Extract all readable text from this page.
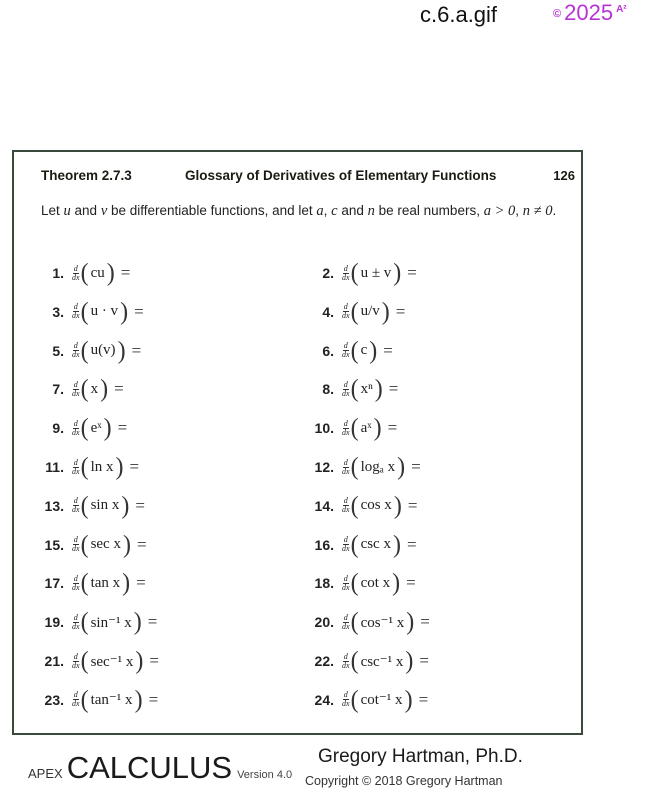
c.6.a.gif	© 2025 A²
Theorem 2.7.3	Glossary of Derivatives of Elementary Functions	126
Let u and v be differentiable functions, and let a, c and n be real numbers, a > 0, n ≠ 0.
1. $\frac{d}{dx}$ ( cu ) =	2. $\frac{d}{dx}$ ( u ± v ) =
3. $\frac{d}{dx}$ ( u · v ) =	4. $\frac{d}{dx}$ ( u/v ) =
5. $\frac{d}{dx}$ ( u(v) ) =	6. $\frac{d}{dx}$ ( c ) =
7. $\frac{d}{dx}$ ( x ) =	8. $\frac{d}{dx}$ ( xⁿ ) =
9. $\frac{d}{dx}$ ( eˣ ) =	10. $\frac{d}{dx}$ ( aˣ ) =
11. $\frac{d}{dx}$ ( ln x ) =	12. $\frac{d}{dx}$ ( logₐ x ) =
13. $\frac{d}{dx}$ ( sin x ) =	14. $\frac{d}{dx}$ ( cos x ) =
15. $\frac{d}{dx}$ ( sec x ) =	16. $\frac{d}{dx}$ ( csc x ) =
17. $\frac{d}{dx}$ ( tan x ) =	18. $\frac{d}{dx}$ ( cot x ) =
19. $\frac{d}{dx}$ ( sin⁻¹ x ) =	20. $\frac{d}{dx}$ ( cos⁻¹ x ) =
21. $\frac{d}{dx}$ ( sec⁻¹ x ) =	22. $\frac{d}{dx}$ ( csc⁻¹ x ) =
23. $\frac{d}{dx}$ ( tan⁻¹ x ) =	24. $\frac{d}{dx}$ ( cot⁻¹ x ) =
APEX CALCULUS Version 4.0
Gregory Hartman, Ph.D.
Copyright © 2018 Gregory Hartman
